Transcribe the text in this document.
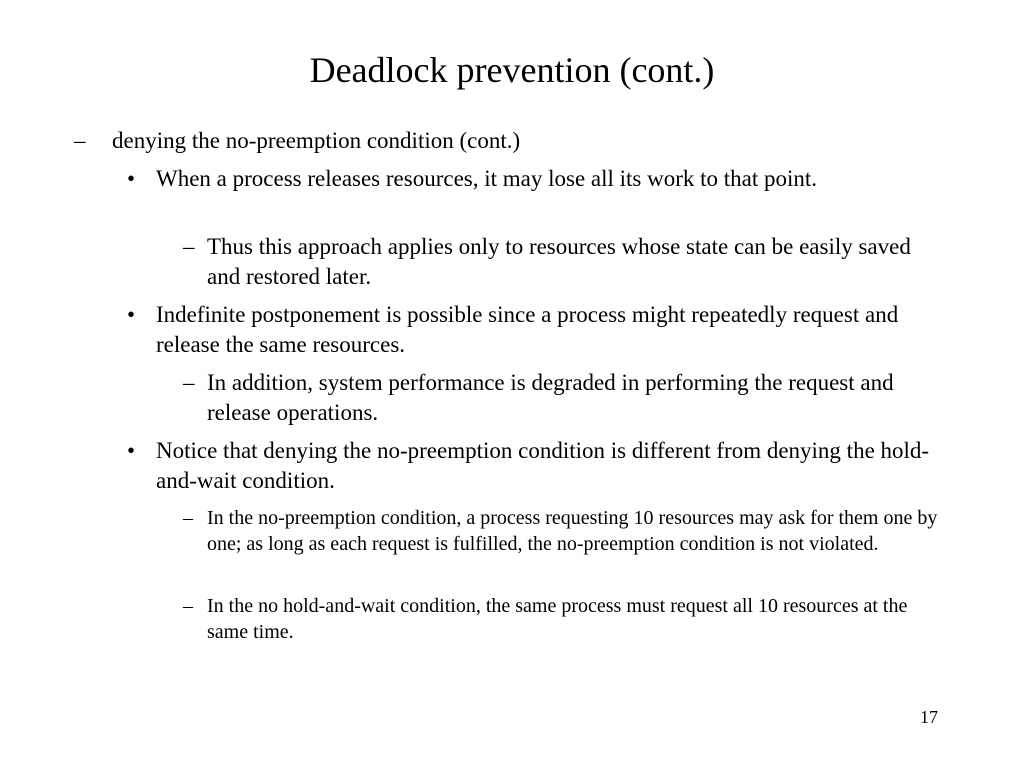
Deadlock prevention (cont.)
–	denying the no-preemption condition (cont.)
• When a process releases resources, it may lose all its work to that point.
– Thus this approach applies only to resources whose state can be easily saved and restored later.
• Indefinite postponement is possible since a process might repeatedly request and release the same resources.
– In addition, system performance is degraded in performing the request and release operations.
• Notice that denying the no-preemption condition is different from denying the hold-and-wait condition.
– In the no-preemption condition, a process requesting 10 resources may ask for them one by one; as long as each request is fulfilled, the no-preemption condition is not violated.
– In the no hold-and-wait condition, the same process must request all 10 resources at the same time.
17
